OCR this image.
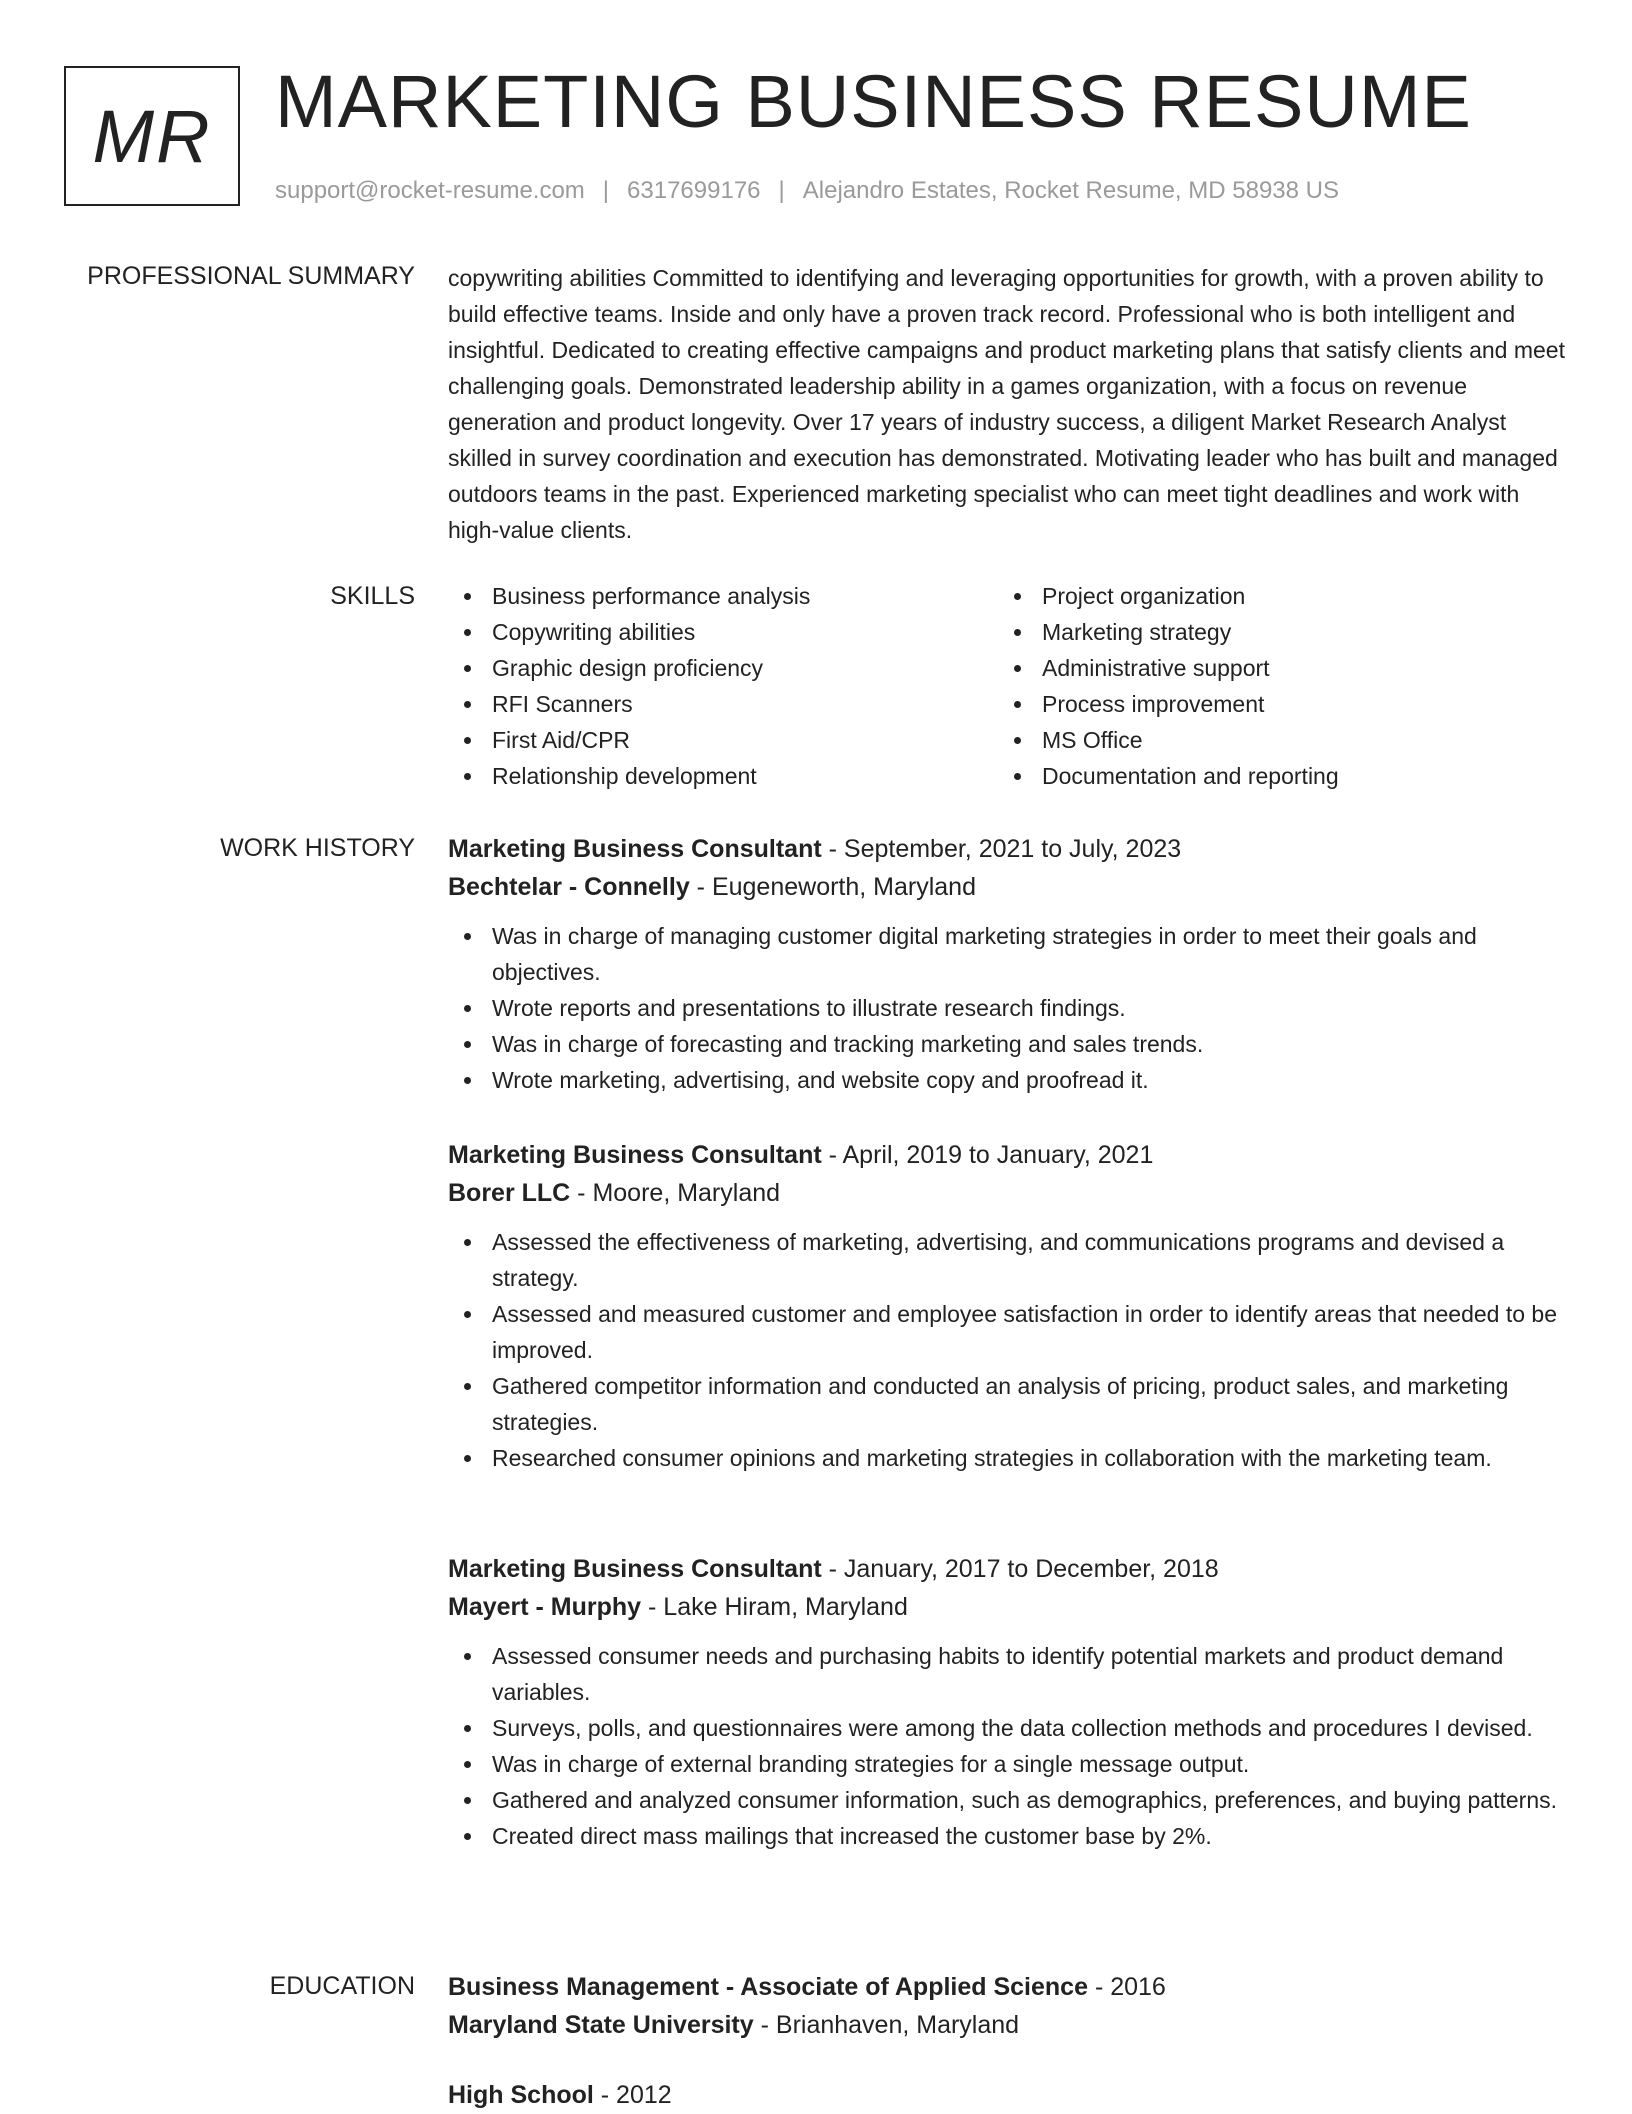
MR MARKETING BUSINESS RESUME
support@rocket-resume.com | 6317699176 | Alejandro Estates, Rocket Resume, MD 58938 US
PROFESSIONAL SUMMARY copywriting abilities Committed to identifying and leveraging opportunities for growth, with a proven ability to build effective teams. Inside and only have a proven track record. Professional who is both intelligent and insightful. Dedicated to creating effective campaigns and product marketing plans that satisfy clients and meet challenging goals. Demonstrated leadership ability in a games organization, with a focus on revenue generation and product longevity. Over 17 years of industry success, a diligent Market Research Analyst skilled in survey coordination and execution has demonstrated. Motivating leader who has built and managed outdoors teams in the past. Experienced marketing specialist who can meet tight deadlines and work with high-value clients.
SKILLS	Business performance analysis
Copywriting abilities
Graphic design proficiency
RFI Scanners
First Aid/CPR
Relationship development
Project organization
Marketing strategy
Administrative support
Process improvement
MS Office
Documentation and reporting
WORK HISTORY Marketing Business Consultant - September, 2021 to July, 2023
Bechtelar - Connelly - Eugeneworth, Maryland
Was in charge of managing customer digital marketing strategies in order to meet their goals and objectives.
Wrote reports and presentations to illustrate research findings.
Was in charge of forecasting and tracking marketing and sales trends.
Wrote marketing, advertising, and website copy and proofread it.
Marketing Business Consultant - April, 2019 to January, 2021
Borer LLC - Moore, Maryland
Assessed the effectiveness of marketing, advertising, and communications programs and devised a strategy.
Assessed and measured customer and employee satisfaction in order to identify areas that needed to be improved.
Gathered competitor information and conducted an analysis of pricing, product sales, and marketing strategies.
Researched consumer opinions and marketing strategies in collaboration with the marketing team.
Marketing Business Consultant - January, 2017 to December, 2018
Mayert - Murphy - Lake Hiram, Maryland
Assessed consumer needs and purchasing habits to identify potential markets and product demand variables.
Surveys, polls, and questionnaires were among the data collection methods and procedures I devised.
Was in charge of external branding strategies for a single message output.
Gathered and analyzed consumer information, such as demographics, preferences, and buying patterns.
Created direct mass mailings that increased the customer base by 2%.
EDUCATION Business Management - Associate of Applied Science - 2016
Maryland State University - Brianhaven, Maryland
High School - 2012
